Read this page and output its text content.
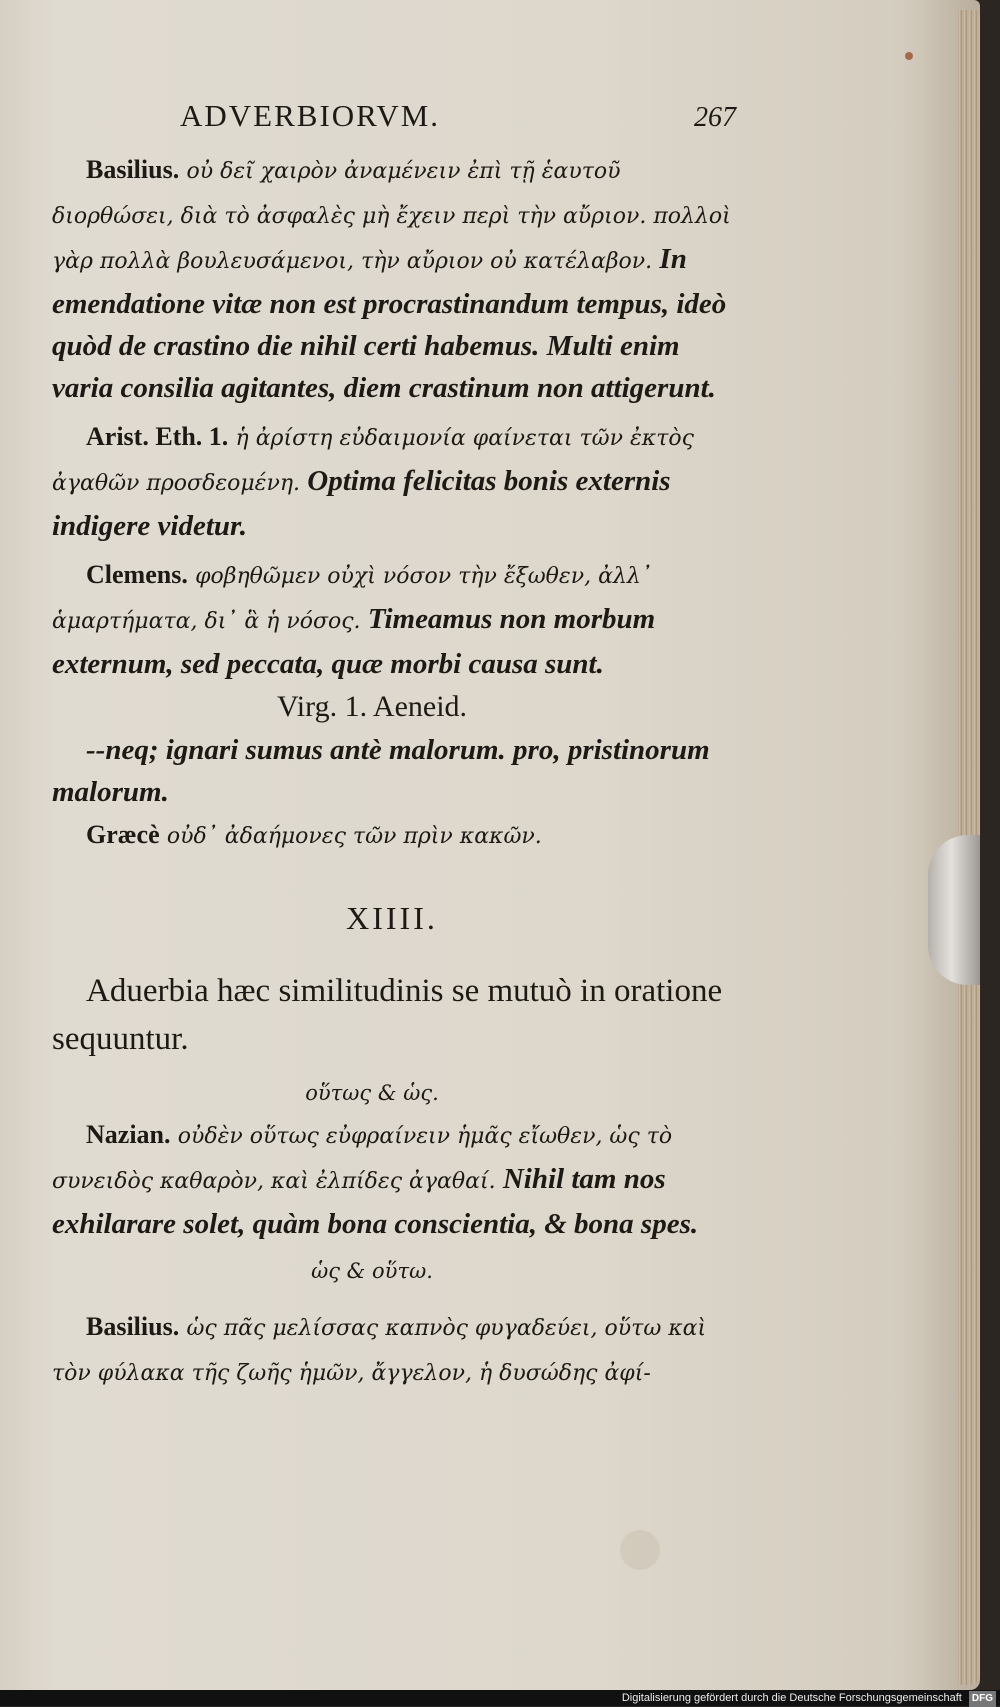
ADVERBIORVM.	267

Basilius. οὐ δεῖ χαιρὸν ἀναμένειν ἐπὶ τῇ ἑαυτοῦ διορθώσει, διὰ τὸ ἀσφαλὲς μὴ ἔχειν περὶ τὴν αὔριον. πολλοὶ γὰρ πολλὰ βουλευσάμενοι, τὴν αὔριον οὐ κατέλαβον. In emendatione vitæ non est procrastinandum tempus, ideò quòd de crastino die nihil certi habemus. Multi enim varia consilia agitantes, diem crastinum non attigerunt.

Arist. Eth. 1. ἡ ἀρίστη εὐδαιμονία φαίνεται τῶν ἐκτὸς ἀγαθῶν προσδεομένη. Optima felicitas bonis externis indigere videtur.

Clemens. φοβηθῶμεν οὐχὶ νόσον τὴν ἔξωθεν, ἀλλ᾽ ἁμαρτήματα, δι᾽ ἃ ἡ νόσος. Timeamus non morbum externum, sed peccata, quæ morbi causa sunt.

Virg. 1. Aeneid.

--neq; ignari sumus antè malorum. pro, pristinorum malorum.

Græcè οὐδ᾽ ἀδαήμονες τῶν πρὶν κακῶν.

XIIII.

Aduerbia hæc similitudinis se mutuò in oratione sequuntur.

οὕτως & ὡς.

Nazian. οὐδὲν οὕτως εὐφραίνειν ἡμᾶς εἴωθεν, ὡς τὸ συνειδὸς καθαρὸν, καὶ ἐλπίδες ἀγαθαί. Nihil tam nos exhilarare solet, quàm bona conscientia, & bona spes.

ὡς & οὕτω.

Basilius. ὡς πᾶς μελίσσας καπνὸς φυγαδεύει, οὕτω καὶ τὸν φύλακα τῆς ζωῆς ἡμῶν, ἄγγελον, ἡ δυσώδης ἀφί-

Digitalisierung gefördert durch die Deutsche Forschungsgemeinschaft DFG
